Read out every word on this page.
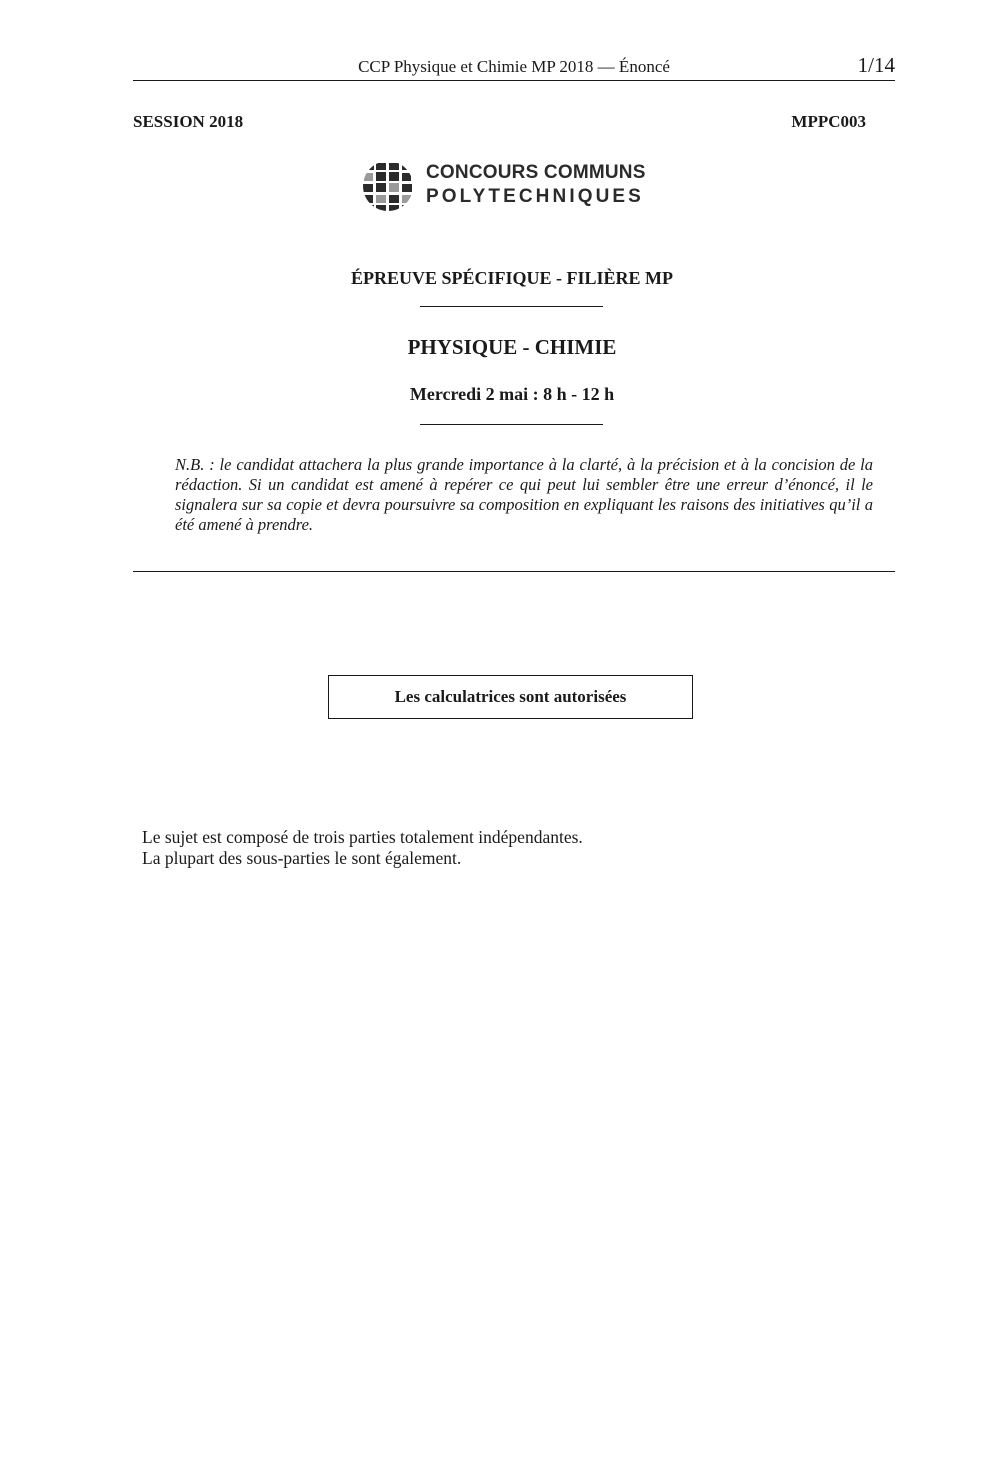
CCP Physique et Chimie MP 2018 — Énoncé	1/14
SESSION 2018	MPPC003
CONCOURS COMMUNS
POLYTECHNIQUES
ÉPREUVE SPÉCIFIQUE - FILIÈRE MP
PHYSIQUE - CHIMIE
Mercredi 2 mai : 8 h - 12 h
N.B. : le candidat attachera la plus grande importance à la clarté, à la précision et à la concision de la rédaction. Si un candidat est amené à repérer ce qui peut lui sembler être une erreur d’énoncé, il le signalera sur sa copie et devra poursuivre sa composition en expliquant les raisons des initiatives qu’il a été amené à prendre.
Les calculatrices sont autorisées
Le sujet est composé de trois parties totalement indépendantes.
La plupart des sous-parties le sont également.
